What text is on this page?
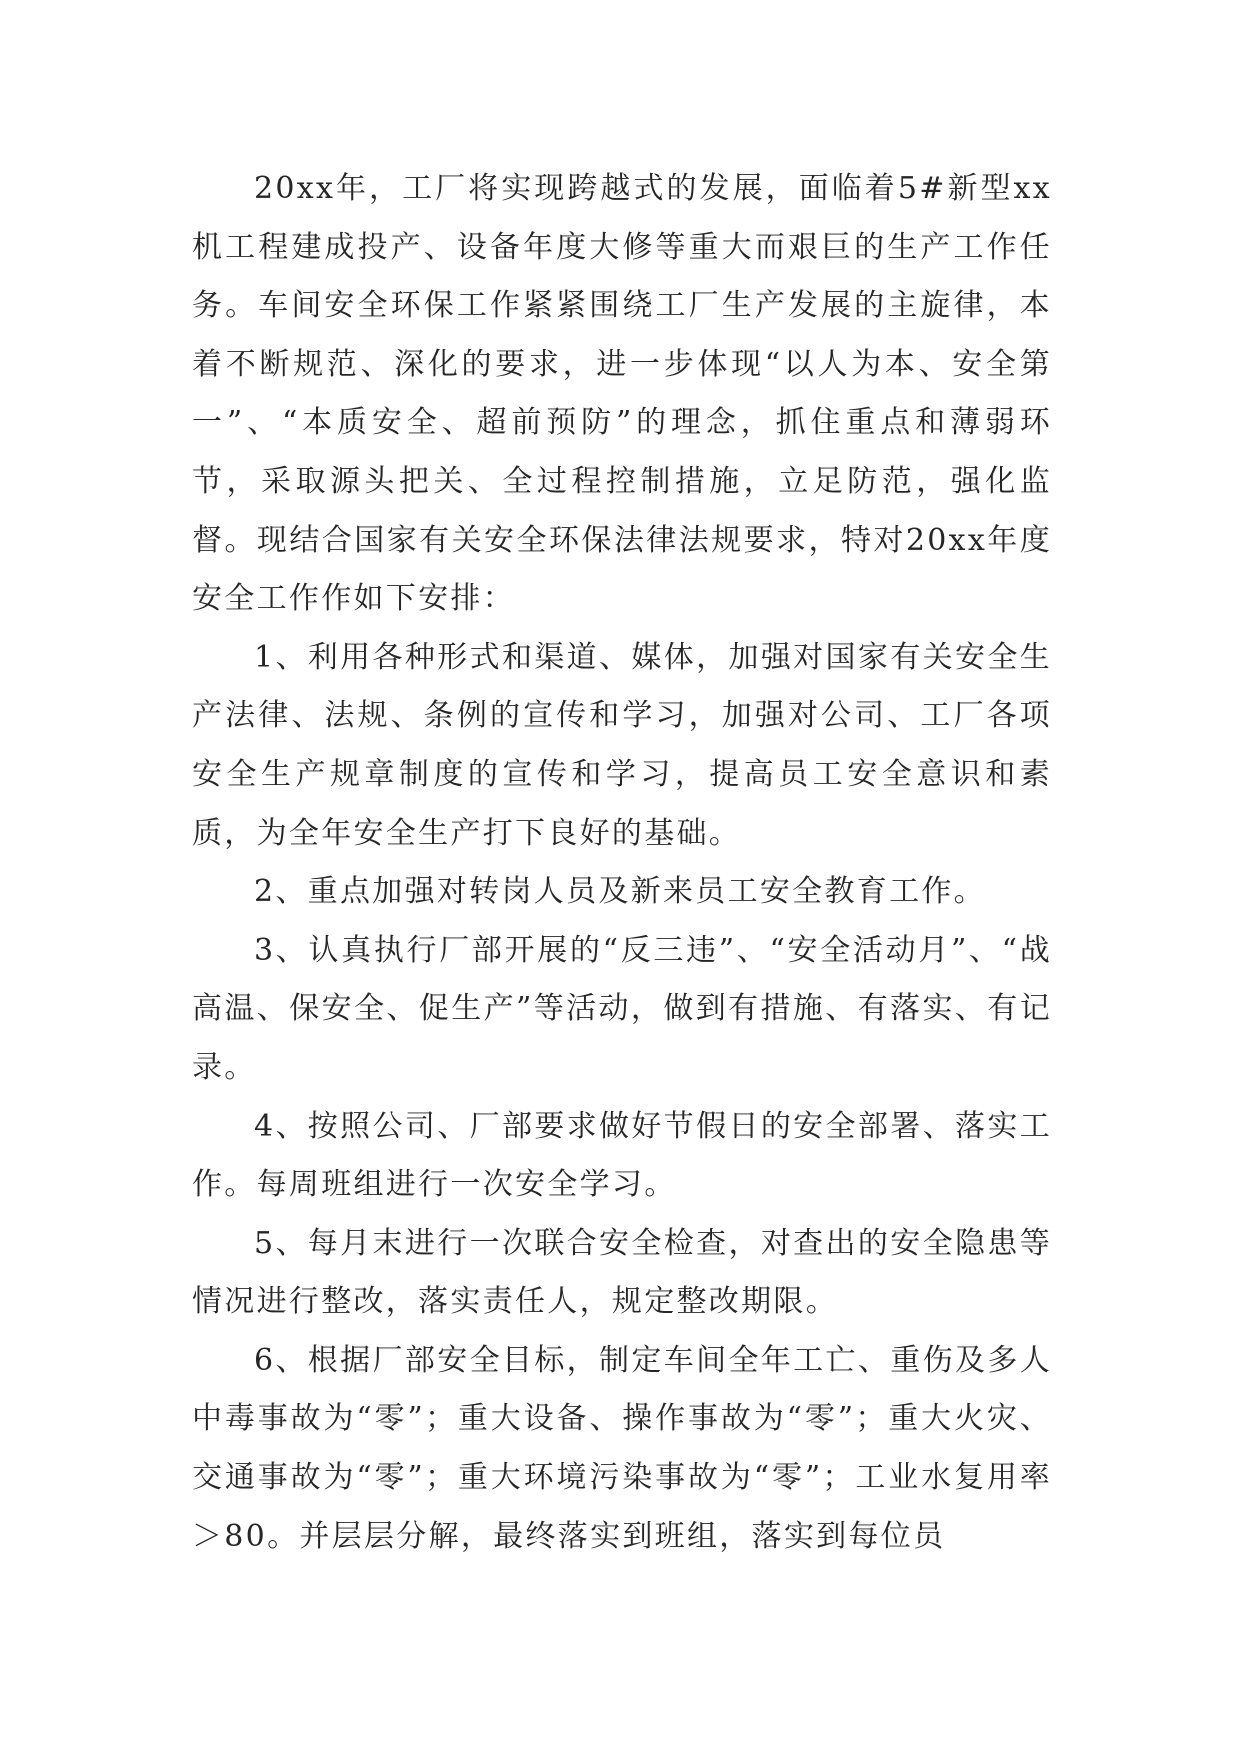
20xx年，工厂将实现跨越式的发展，面临着5#新型xx机工程建成投产、设备年度大修等重大而艰巨的生产工作任务。车间安全环保工作紧紧围绕工厂生产发展的主旋律，本着不断规范、深化的要求，进一步体现“以人为本、安全第一”、“本质安全、超前预防”的理念，抓住重点和薄弱环节，采取源头把关、全过程控制措施，立足防范，强化监督。现结合国家有关安全环保法律法规要求，特对20xx年度安全工作作如下安排：

1、利用各种形式和渠道、媒体，加强对国家有关安全生产法律、法规、条例的宣传和学习，加强对公司、工厂各项安全生产规章制度的宣传和学习，提高员工安全意识和素质，为全年安全生产打下良好的基础。

2、重点加强对转岗人员及新来员工安全教育工作。

3、认真执行厂部开展的“反三违”、“安全活动月”、“战高温、保安全、促生产”等活动，做到有措施、有落实、有记录。

4、按照公司、厂部要求做好节假日的安全部署、落实工作。每周班组进行一次安全学习。

5、每月末进行一次联合安全检查，对查出的安全隐患等情况进行整改，落实责任人，规定整改期限。

6、根据厂部安全目标，制定车间全年工亡、重伤及多人中毒事故为“零”；重大设备、操作事故为“零”；重大火灾、交通事故为“零”；重大环境污染事故为“零”；工业水复用率＞80。并层层分解，最终落实到班组，落实到每位员
